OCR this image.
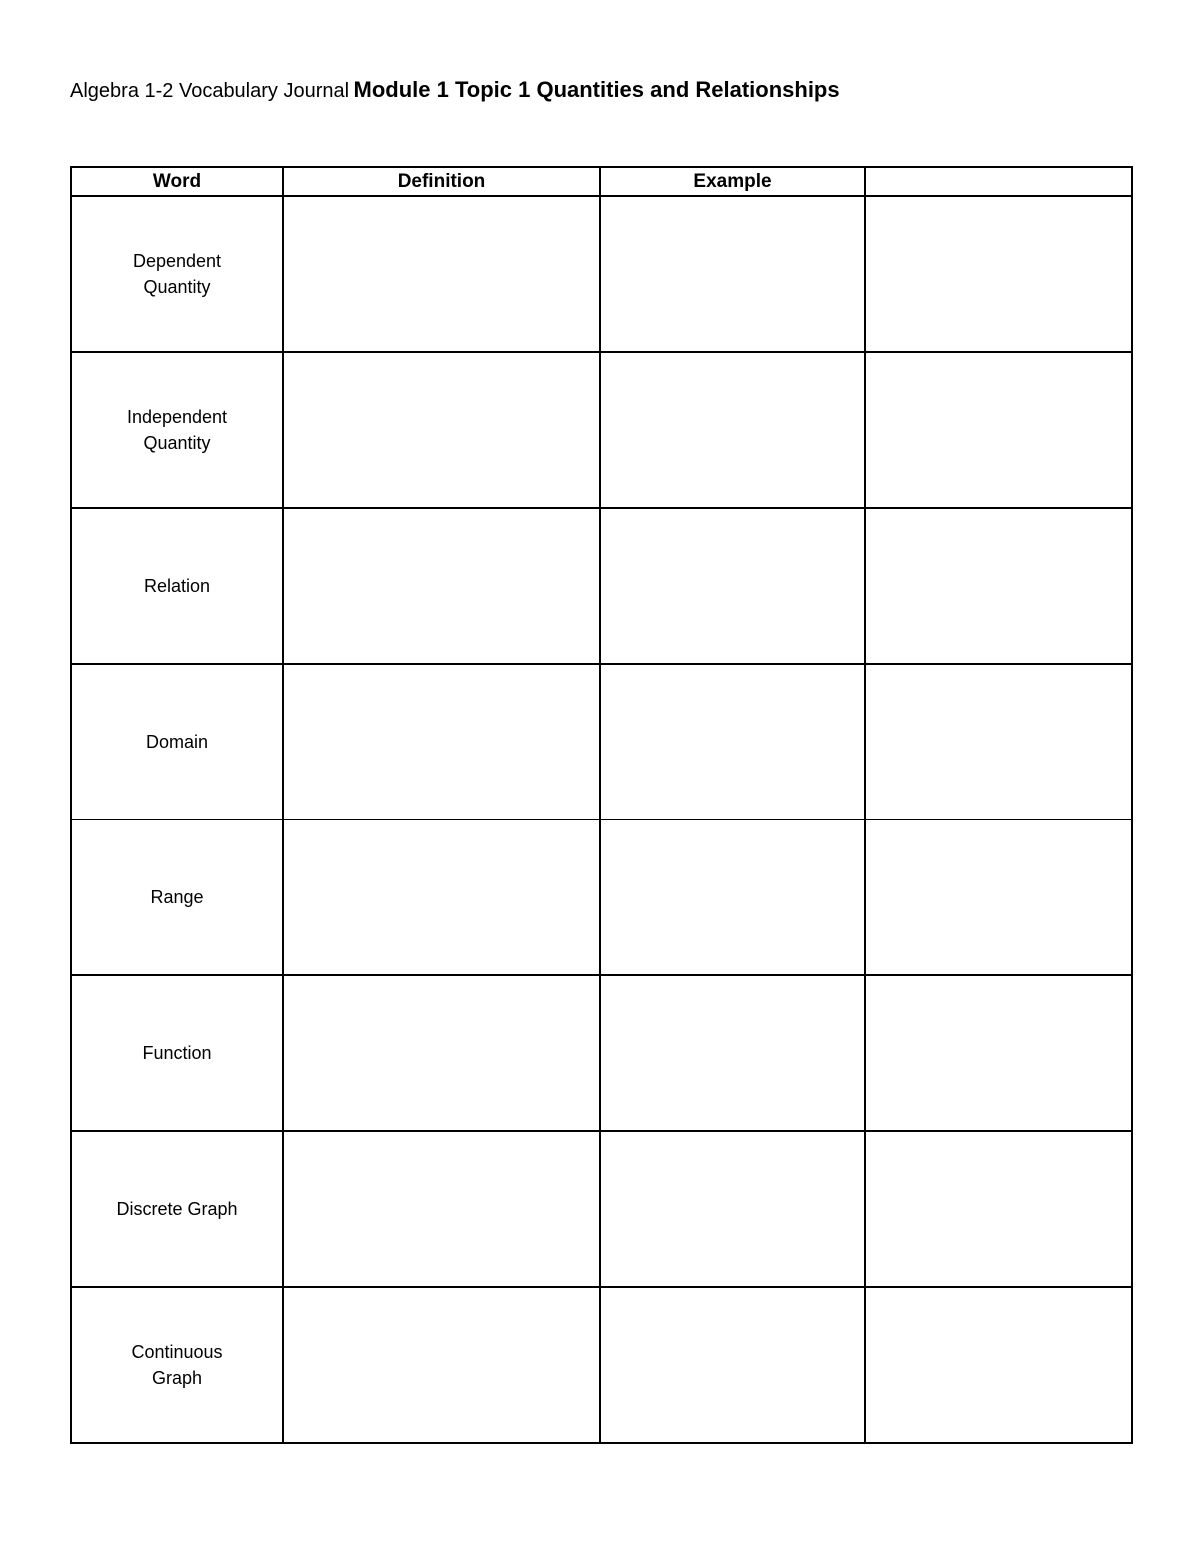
Algebra 1-2 Vocabulary Journal Module 1 Topic 1 Quantities and Relationships
Word	Definition	Example	
Dependent Quantity			
Independent Quantity			
Relation			
Domain			
Range			
Function			
Discrete Graph			
Continuous Graph			
